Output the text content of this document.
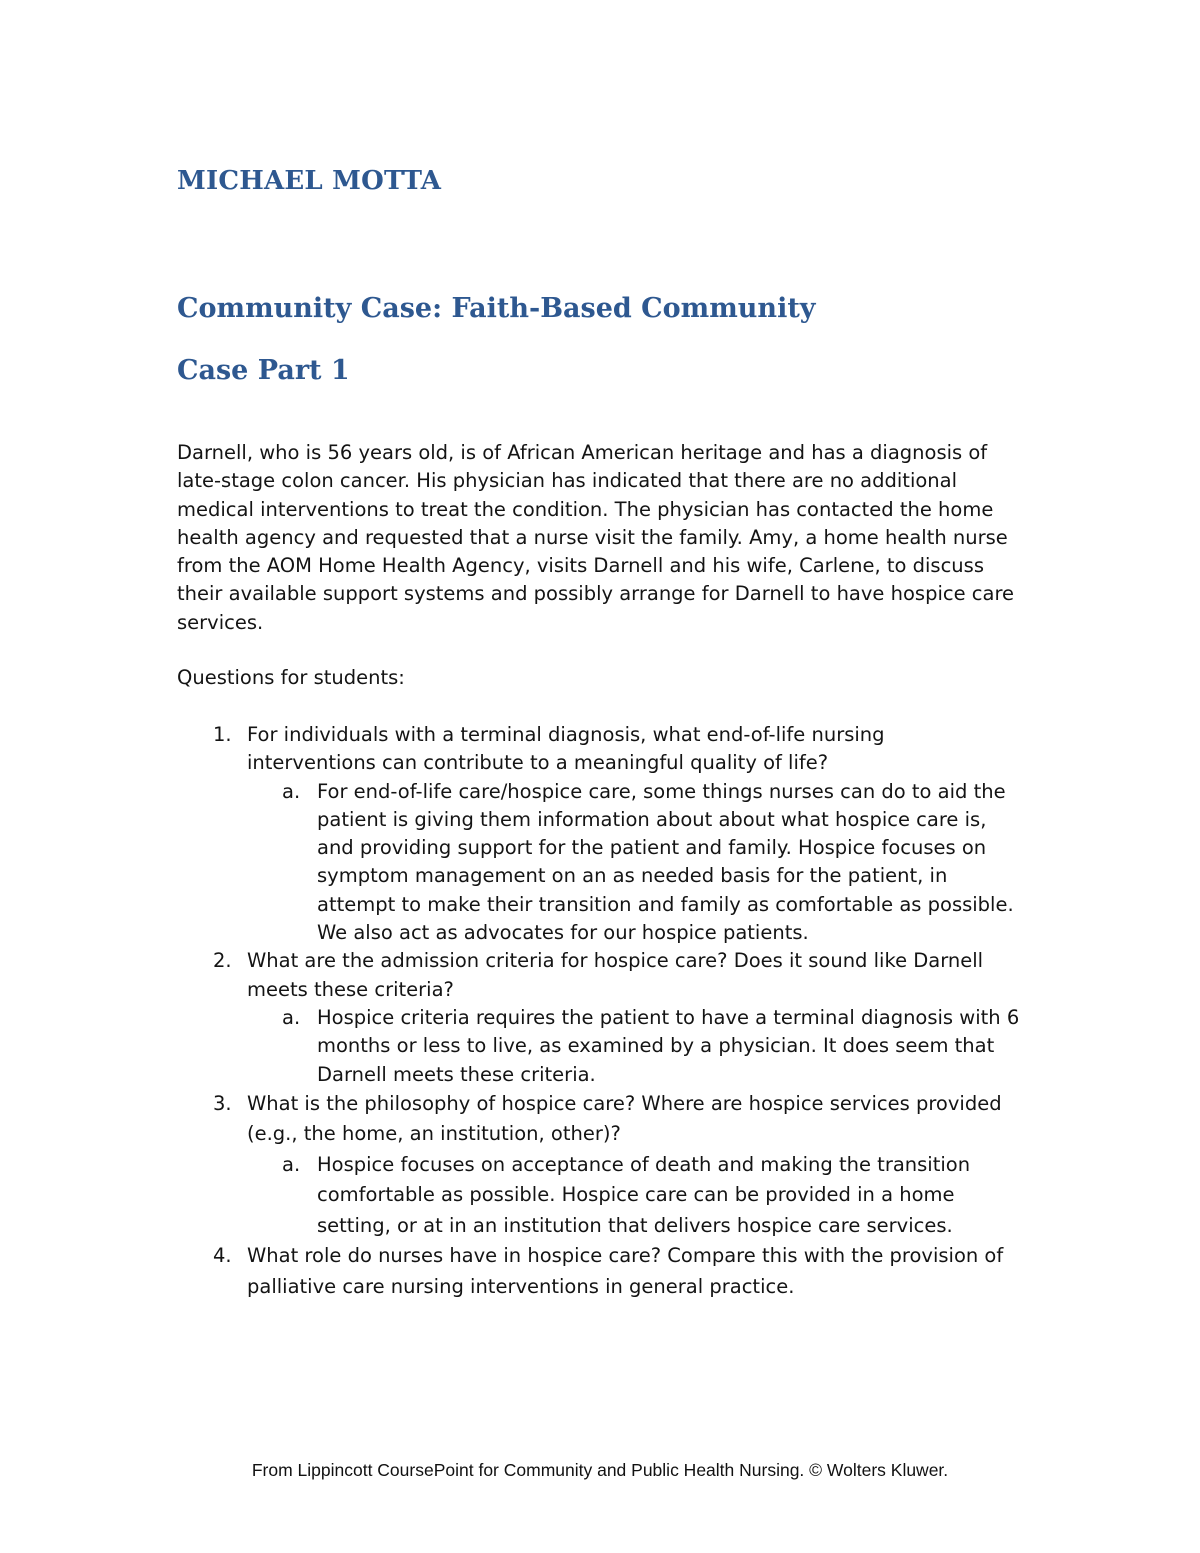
MICHAEL MOTTA
Community Case: Faith-Based Community
Case Part 1

Darnell, who is 56 years old, is of African American heritage and has a diagnosis of late-stage colon cancer. His physician has indicated that there are no additional medical interventions to treat the condition. The physician has contacted the home health agency and requested that a nurse visit the family. Amy, a home health nurse from the AOM Home Health Agency, visits Darnell and his wife, Carlene, to discuss their available support systems and possibly arrange for Darnell to have hospice care services.

Questions for students:

1. For individuals with a terminal diagnosis, what end-of-life nursing interventions can contribute to a meaningful quality of life?
a. For end-of-life care/hospice care, some things nurses can do to aid the patient is giving them information about about what hospice care is, and providing support for the patient and family. Hospice focuses on symptom management on an as needed basis for the patient, in attempt to make their transition and family as comfortable as possible. We also act as advocates for our hospice patients.
2. What are the admission criteria for hospice care? Does it sound like Darnell meets these criteria?
a. Hospice criteria requires the patient to have a terminal diagnosis with 6 months or less to live, as examined by a physician. It does seem that Darnell meets these criteria.
3. What is the philosophy of hospice care? Where are hospice services provided (e.g., the home, an institution, other)?
a. Hospice focuses on acceptance of death and making the transition comfortable as possible. Hospice care can be provided in a home setting, or at in an institution that delivers hospice care services.
4. What role do nurses have in hospice care? Compare this with the provision of palliative care nursing interventions in general practice.

From Lippincott CoursePoint for Community and Public Health Nursing. © Wolters Kluwer.
